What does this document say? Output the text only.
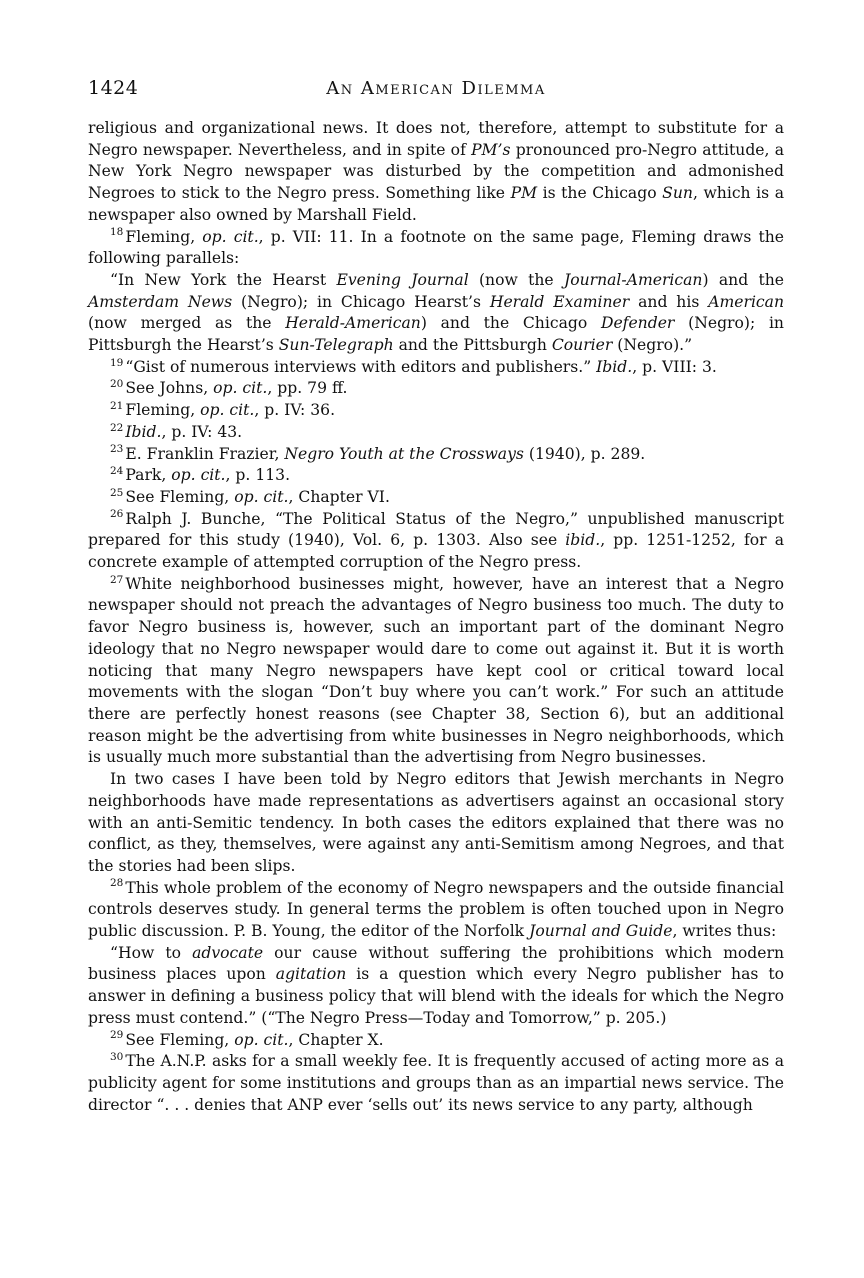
1424	An American Dilemma

religious and organizational news. It does not, therefore, attempt to substitute for a Negro newspaper. Nevertheless, and in spite of PM’s pronounced pro-Negro attitude, a New York Negro newspaper was disturbed by the competition and admonished Negroes to stick to the Negro press. Something like PM is the Chicago Sun, which is a newspaper also owned by Marshall Field.

$^{18}$ Fleming, op. cit., p. VII: 11. In a footnote on the same page, Fleming draws the following parallels:

“In New York the Hearst Evening Journal (now the Journal-American) and the Amsterdam News (Negro); in Chicago Hearst’s Herald Examiner and his American (now merged as the Herald-American) and the Chicago Defender (Negro); in Pittsburgh the Hearst’s Sun-Telegraph and the Pittsburgh Courier (Negro).”

$^{19}$ “Gist of numerous interviews with editors and publishers.” Ibid., p. VIII: 3.

$^{20}$ See Johns, op. cit., pp. 79 ff.

$^{21}$ Fleming, op. cit., p. IV: 36.

$^{22}$ Ibid., p. IV: 43.

$^{23}$ E. Franklin Frazier, Negro Youth at the Crossways (1940), p. 289.

$^{24}$ Park, op. cit., p. 113.

$^{25}$ See Fleming, op. cit., Chapter VI.

$^{26}$ Ralph J. Bunche, “The Political Status of the Negro,” unpublished manuscript prepared for this study (1940), Vol. 6, p. 1303. Also see ibid., pp. 1251-1252, for a concrete example of attempted corruption of the Negro press.

$^{27}$ White neighborhood businesses might, however, have an interest that a Negro newspaper should not preach the advantages of Negro business too much. The duty to favor Negro business is, however, such an important part of the dominant Negro ideology that no Negro newspaper would dare to come out against it. But it is worth noticing that many Negro newspapers have kept cool or critical toward local movements with the slogan “Don’t buy where you can’t work.” For such an attitude there are perfectly honest reasons (see Chapter 38, Section 6), but an additional reason might be the advertising from white businesses in Negro neighborhoods, which is usually much more substantial than the advertising from Negro businesses.

In two cases I have been told by Negro editors that Jewish merchants in Negro neighborhoods have made representations as advertisers against an occasional story with an anti-Semitic tendency. In both cases the editors explained that there was no conflict, as they, themselves, were against any anti-Semitism among Negroes, and that the stories had been slips.

$^{28}$ This whole problem of the economy of Negro newspapers and the outside financial controls deserves study. In general terms the problem is often touched upon in Negro public discussion. P. B. Young, the editor of the Norfolk Journal and Guide, writes thus:

“How to advocate our cause without suffering the prohibitions which modern business places upon agitation is a question which every Negro publisher has to answer in defining a business policy that will blend with the ideals for which the Negro press must contend.” (“The Negro Press—Today and Tomorrow,” p. 205.)

$^{29}$ See Fleming, op. cit., Chapter X.

$^{30}$ The A.N.P. asks for a small weekly fee. It is frequently accused of acting more as a publicity agent for some institutions and groups than as an impartial news service. The director “. . . denies that ANP ever ‘sells out’ its news service to any party, although
